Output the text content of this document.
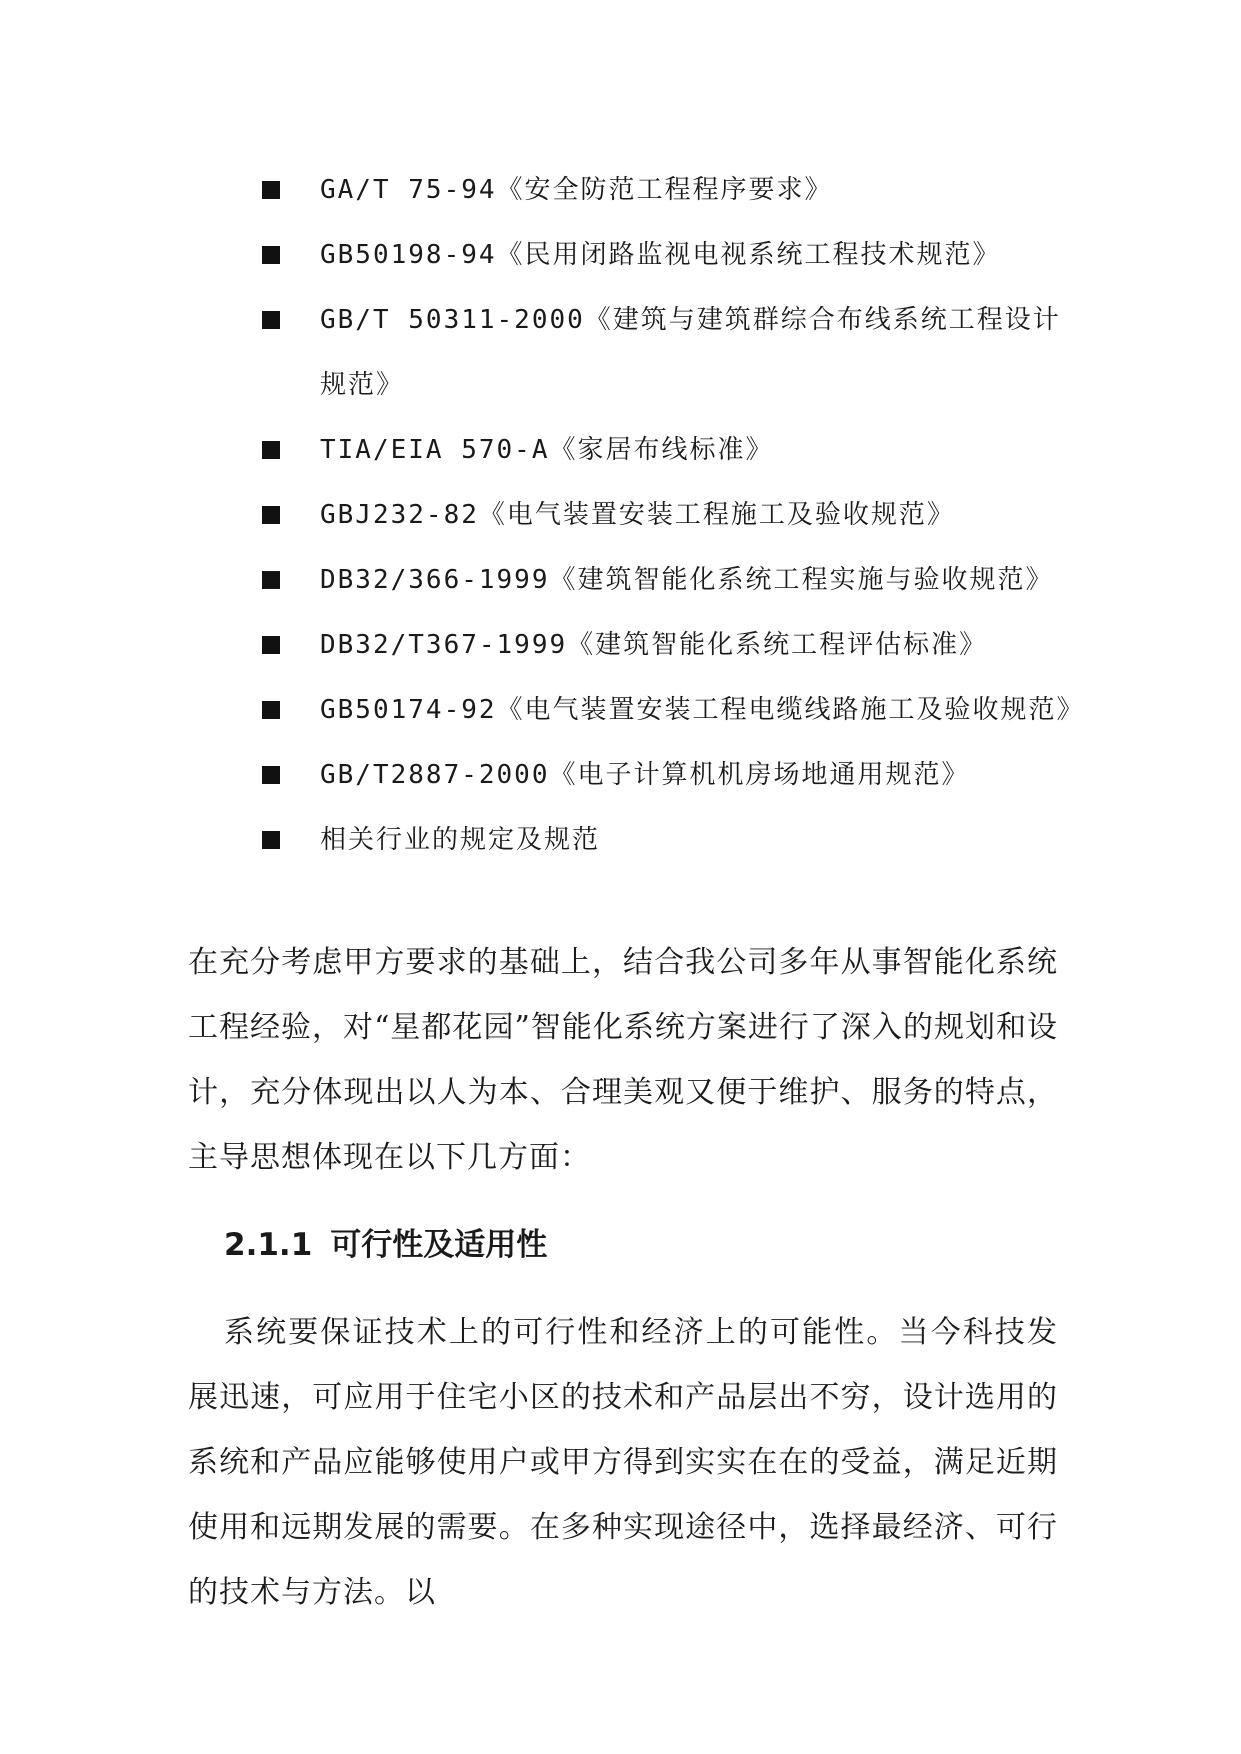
GA/T 75-94《安全防范工程程序要求》
GB50198-94《民用闭路监视电视系统工程技术规范》
GB/T 50311-2000《建筑与建筑群综合布线系统工程设计规范》
TIA/EIA 570-A《家居布线标准》
GBJ232-82《电气装置安装工程施工及验收规范》
DB32/366-1999《建筑智能化系统工程实施与验收规范》
DB32/T367-1999《建筑智能化系统工程评估标准》
GB50174-92《电气装置安装工程电缆线路施工及验收规范》
GB/T2887-2000《电子计算机机房场地通用规范》
相关行业的规定及规范

在充分考虑甲方要求的基础上，结合我公司多年从事智能化系统工程经验，对“星都花园”智能化系统方案进行了深入的规划和设计，充分体现出以人为本、合理美观又便于维护、服务的特点，主导思想体现在以下几方面：

2.1.1 可行性及适用性

系统要保证技术上的可行性和经济上的可能性。当今科技发展迅速，可应用于住宅小区的技术和产品层出不穷，设计选用的系统和产品应能够使用户或甲方得到实实在在的受益，满足近期使用和远期发展的需要。在多种实现途径中，选择最经济、可行的技术与方法。以
